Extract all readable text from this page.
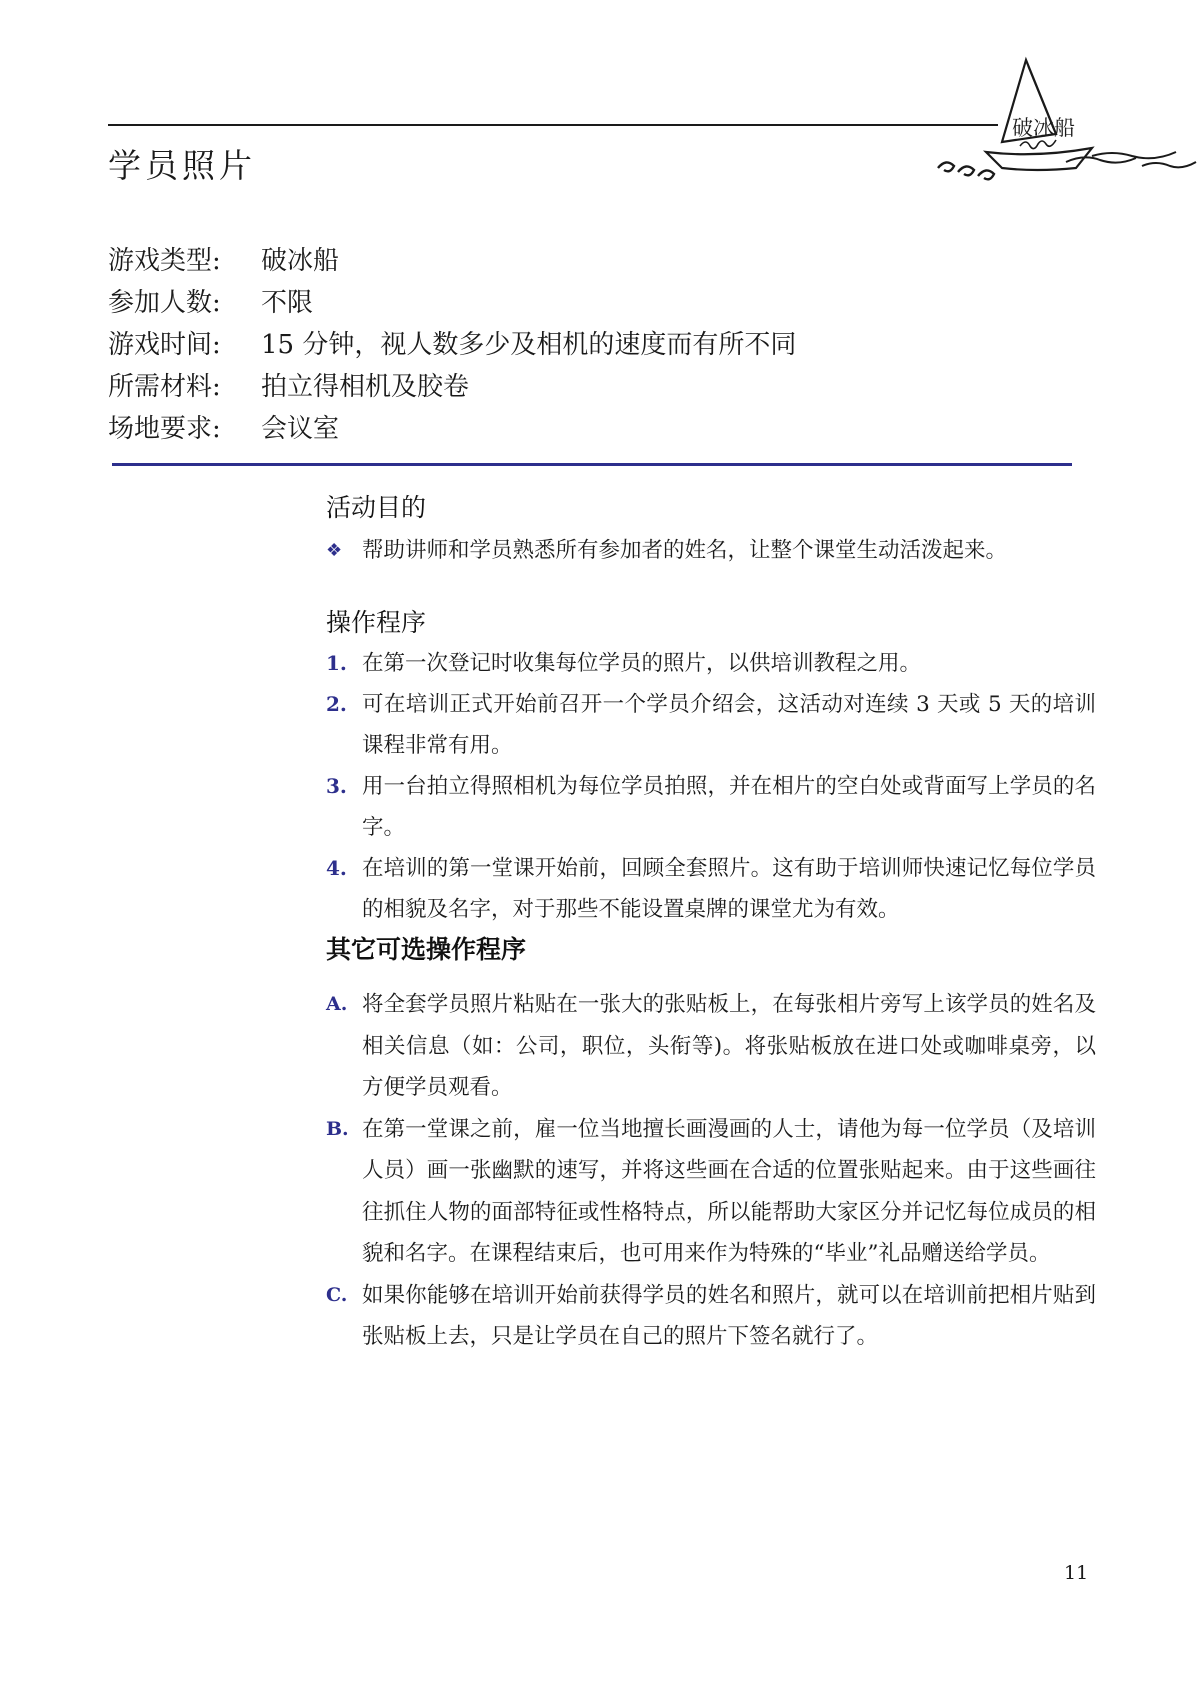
学员照片
破冰船
游戏类型:	破冰船
参加人数:	不限
游戏时间:	15 分钟，视人数多少及相机的速度而有所不同
所需材料:	拍立得相机及胶卷
场地要求:	会议室
活动目的
❖ 帮助讲师和学员熟悉所有参加者的姓名，让整个课堂生动活泼起来。
操作程序
1. 在第一次登记时收集每位学员的照片，以供培训教程之用。
2. 可在培训正式开始前召开一个学员介绍会，这活动对连续 3 天或 5 天的培训课程非常有用。
3. 用一台拍立得照相机为每位学员拍照，并在相片的空白处或背面写上学员的名字。
4. 在培训的第一堂课开始前，回顾全套照片。这有助于培训师快速记忆每位学员的相貌及名字，对于那些不能设置桌牌的课堂尤为有效。
其它可选操作程序
A. 将全套学员照片粘贴在一张大的张贴板上，在每张相片旁写上该学员的姓名及相关信息（如：公司，职位，头衔等)。将张贴板放在进口处或咖啡桌旁，以方便学员观看。
B. 在第一堂课之前，雇一位当地擅长画漫画的人士，请他为每一位学员（及培训人员）画一张幽默的速写，并将这些画在合适的位置张贴起来。由于这些画往往抓住人物的面部特征或性格特点，所以能帮助大家区分并记忆每位成员的相貌和名字。在课程结束后，也可用来作为特殊的“毕业”礼品赠送给学员。
C. 如果你能够在培训开始前获得学员的姓名和照片，就可以在培训前把相片贴到张贴板上去，只是让学员在自己的照片下签名就行了。
11
